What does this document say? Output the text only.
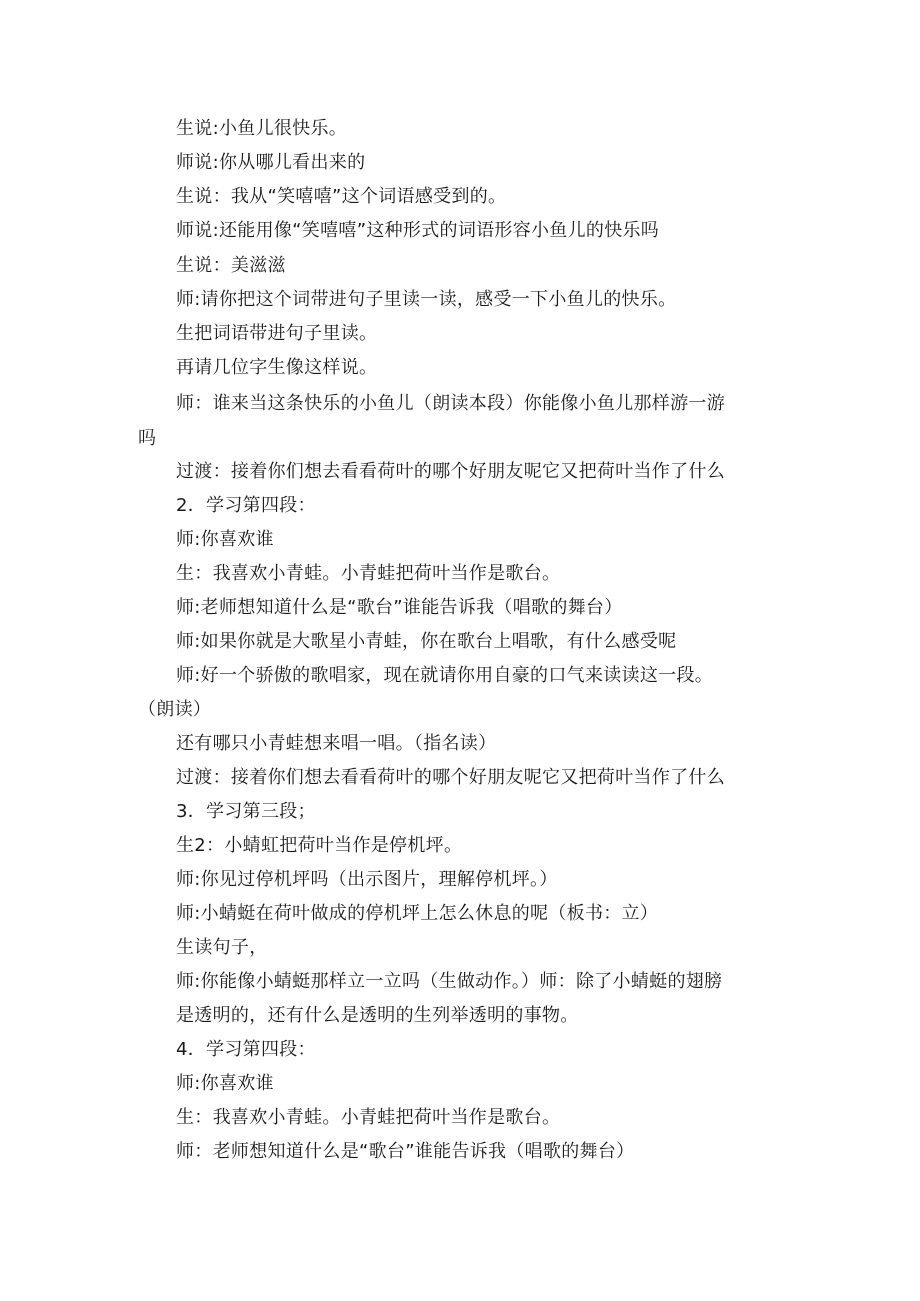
生说:小鱼儿很快乐。
师说:你从哪儿看出来的
生说：我从“笑嘻嘻”这个词语感受到的。
师说:还能用像“笑嘻嘻”这种形式的词语形容小鱼儿的快乐吗
生说：美滋滋
师:请你把这个词带进句子里读一读，感受一下小鱼儿的快乐。
生把词语带进句子里读。
再请几位字生像这样说。
师：谁来当这条快乐的小鱼儿（朗读本段）你能像小鱼儿那样游一游
吗
过渡：接着你们想去看看荷叶的哪个好朋友呢它又把荷叶当作了什么
2．学习第四段：
师:你喜欢谁
生：我喜欢小青蛙。小青蛙把荷叶当作是歌台。
师:老师想知道什么是“歌台”谁能告诉我（唱歌的舞台）
师:如果你就是大歌星小青蛙，你在歌台上唱歌，有什么感受呢
师:好一个骄傲的歌唱家，现在就请你用自豪的口气来读读这一段。
（朗读）
还有哪只小青蛙想来唱一唱。（指名读）
过渡：接着你们想去看看荷叶的哪个好朋友呢它又把荷叶当作了什么
3．学习第三段；
生2：小蜻虹把荷叶当作是停机坪。
师:你见过停机坪吗（出示图片，理解停机坪。）
师:小蜻蜓在荷叶做成的停机坪上怎么休息的呢（板书：立）
生读句子，
师:你能像小蜻蜓那样立一立吗（生做动作。）师：除了小蜻蜓的翅膀
是透明的，还有什么是透明的生列举透明的事物。
4．学习第四段：
师:你喜欢谁
生：我喜欢小青蛙。小青蛙把荷叶当作是歌台。
师：老师想知道什么是“歌台”谁能告诉我（唱歌的舞台）
